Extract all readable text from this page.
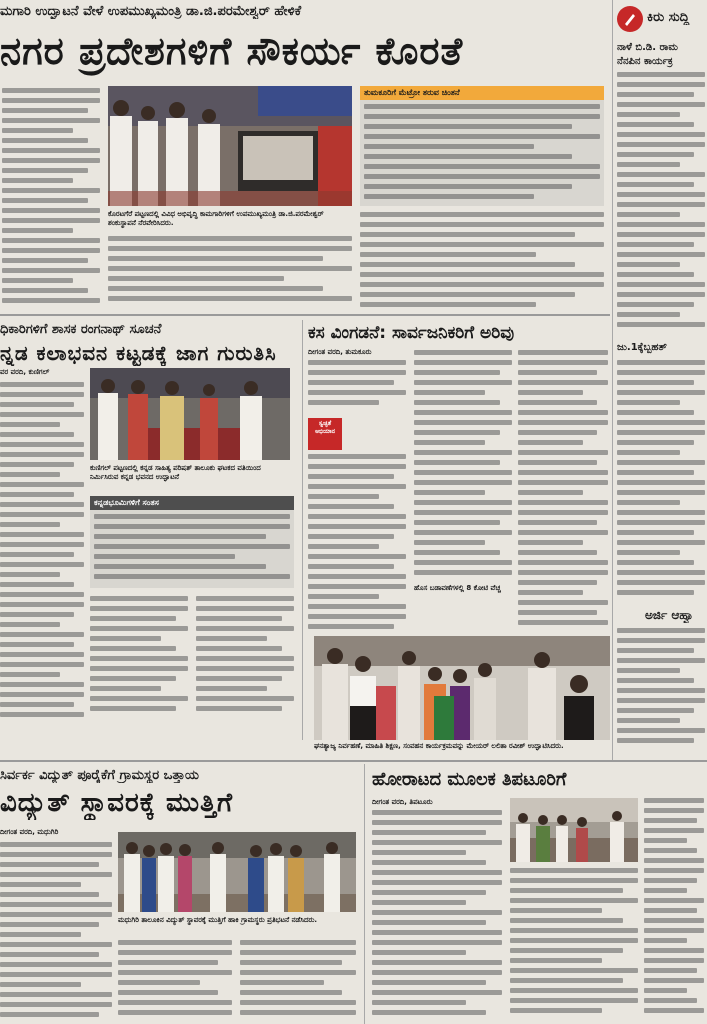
ಮಗಾರಿ ಉದ್ಘಾಟನೆ ವೇಳೆ ಉಪಮುಖ್ಯಮಂತ್ರಿ ಡಾ.ಜಿ.ಪರಮೇಶ್ವರ್ ಹೇಳಿಕೆ
ನಗರ ಪ್ರದೇಶಗಳಿಗೆ ಸೌಕರ್ಯ ಕೊರತೆ
ಕೊರಟಗೆರೆ ಪಟ್ಟಣದಲ್ಲಿ ವಿವಿಧ ಅಭಿವೃದ್ಧಿ ಕಾಮಗಾರಿಗಳಿಗೆ ಉಪಮುಖ್ಯಮಂತ್ರಿ ಡಾ.ಜಿ.ಪರಮೇಶ್ವರ್ ಶಂಕುಸ್ಥಾಪನೆ ನೆರವೇರಿಸಿದರು.
ತುಮಕೂರಿಗೆ ಮೆಟ್ರೋ ತರುವ ಚಿಂತನೆ
ಕಿರು ಸುದ್ದಿ
ನಾಳೆ ಬಿ.ಡಿ. ರಾಮ
ನೆನಪಿನ ಕಾರ್ಯಕ್ರ
ಜು.1ಕ್ಕೆಬ್ಬಹತ್
ಅರ್ಜಿ ಆಹ್ವಾ
ಧಿಕಾರಿಗಳಿಗೆ ಶಾಸಕ ರಂಗನಾಥ್ ಸೂಚನೆ
ನ್ನಡ ಕಲಾಭವನ ಕಟ್ಟಡಕ್ಕೆ ಜಾಗ ಗುರುತಿಸಿ
ವರ ವರದಿ, ಕುಣಿಗಲ್
ಕುಣಿಗಲ್ ಪಟ್ಟಣದಲ್ಲಿ ಕನ್ನಡ ಸಾಹಿತ್ಯ ಪರಿಷತ್ ತಾಲೂಕು ಘಟಕದ ವತಿಯಿಂದ ನಿರ್ಮಿಸಿರುವ ಕನ್ನಡ ಭವನದ ಉದ್ಘಾಟನೆ
ಕನ್ನಡಭೂಮಿಗಳಿಗೆ ಸಂತಸ
ಕಸ ವಿಂಗಡನೆ: ಸಾರ್ವಜನಿಕರಿಗೆ ಅರಿವು
ದೀಗಂತ ವರದಿ, ತುಮಕೂರು
ಸ್ವಚ್ಛತೆ ಅಭಿಯಾನ
ಹೊಸ ಬಡಾವಣೆಗಳಲ್ಲಿ 8 ಕೋಟಿ ವೆಚ್ಚ
ಘನತ್ಯಾಜ್ಯ ನಿರ್ವಹಣೆ, ಮಾಹಿತಿ ಶಿಕ್ಷಣ, ಸಂವಹನ ಕಾರ್ಯಕ್ರಮವನ್ನು ಮೇಯರ್ ಲಲಿತಾ ರವೀಶ್ ಉದ್ಘಾಟಿಸಿದರು.
ಸಿರ್ವರ್ಕ ವಿದ್ಯುತ್ ಪೂರೈಕೆಗೆ ಗ್ರಾಮಸ್ಥರ ಒತ್ತಾಯ
ವಿದ್ಯುತ್ ಸ್ಥಾವರಕ್ಕೆ ಮುತ್ತಿಗೆ
ದೀಗಂತ ವರದಿ, ಮಧುಗಿರಿ
ಮಧುಗಿರಿ ತಾಲೂಕಿನ ವಿದ್ಯುತ್ ಸ್ಥಾವರಕ್ಕೆ ಮುತ್ತಿಗೆ ಹಾಕಿ ಗ್ರಾಮಸ್ಥರು ಪ್ರತಿಭಟನೆ ನಡೆಸಿದರು.
ಹೋರಾಟದ ಮೂಲಕ ತಿಪಟೂರಿಗೆ
ದೀಗಂತ ವರದಿ, ತಿಪಟೂರು
